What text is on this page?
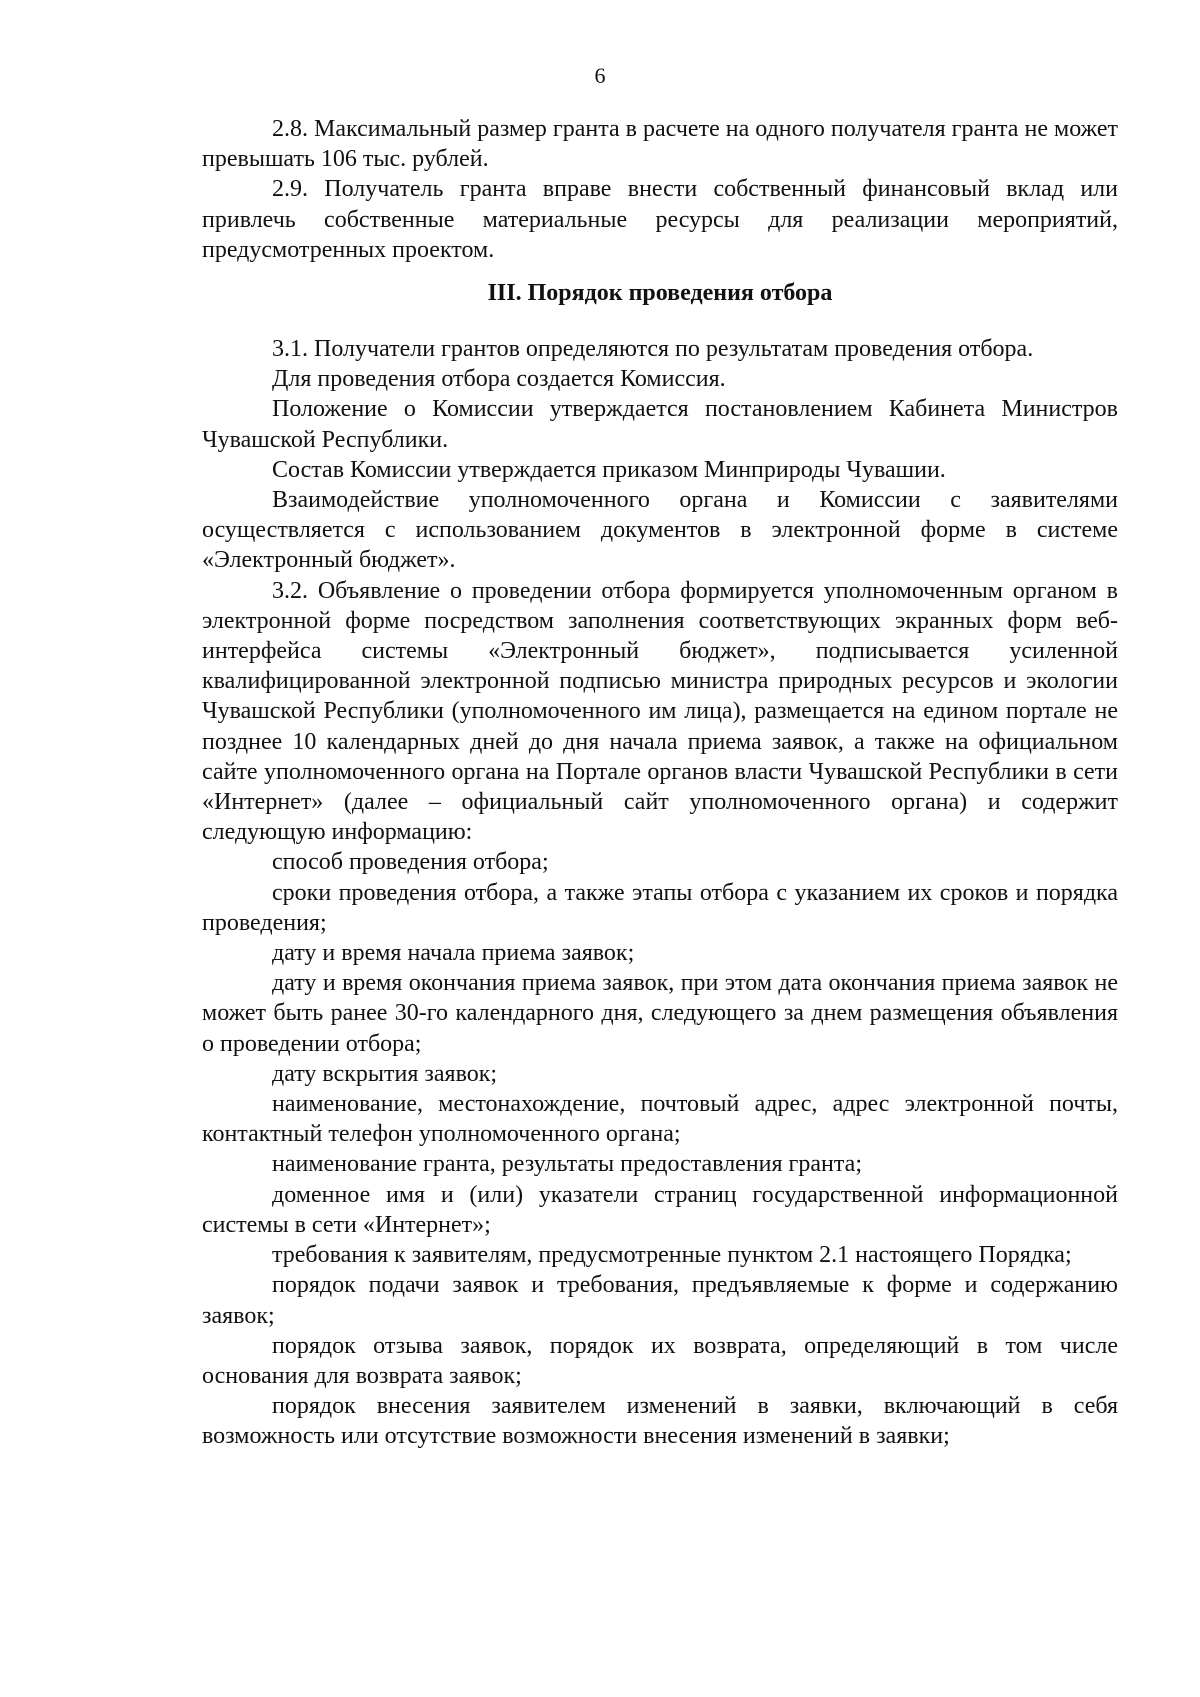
6

2.8. Максимальный размер гранта в расчете на одного получателя гранта не может превышать 106 тыс. рублей.

2.9. Получатель гранта вправе внести собственный финансовый вклад или привлечь собственные материальные ресурсы для реализации мероприятий, предусмотренных проектом.

III. Порядок проведения отбора

3.1. Получатели грантов определяются по результатам проведения отбора.

Для проведения отбора создается Комиссия.

Положение о Комиссии утверждается постановлением Кабинета Министров Чувашской Республики.

Состав Комиссии утверждается приказом Минприроды Чувашии.

Взаимодействие уполномоченного органа и Комиссии с заявителями осуществляется с использованием документов в электронной форме в системе «Электронный бюджет».

3.2. Объявление о проведении отбора формируется уполномоченным органом в электронной форме посредством заполнения соответствующих экранных форм веб-интерфейса системы «Электронный бюджет», подписывается усиленной квалифицированной электронной подписью министра природных ресурсов и экологии Чувашской Республики (уполномоченного им лица), размещается на едином портале не позднее 10 календарных дней до дня начала приема заявок, а также на официальном сайте уполномоченного органа на Портале органов власти Чувашской Республики в сети «Интернет» (далее – официальный сайт уполномоченного органа) и содержит следующую информацию:

способ проведения отбора;

сроки проведения отбора, а также этапы отбора с указанием их сроков и порядка проведения;

дату и время начала приема заявок;

дату и время окончания приема заявок, при этом дата окончания приема заявок не может быть ранее 30-го календарного дня, следующего за днем размещения объявления о проведении отбора;

дату вскрытия заявок;

наименование, местонахождение, почтовый адрес, адрес электронной почты, контактный телефон уполномоченного органа;

наименование гранта, результаты предоставления гранта;

доменное имя и (или) указатели страниц государственной информационной системы в сети «Интернет»;

требования к заявителям, предусмотренные пунктом 2.1 настоящего Порядка;

порядок подачи заявок и требования, предъявляемые к форме и содержанию заявок;

порядок отзыва заявок, порядок их возврата, определяющий в том числе основания для возврата заявок;

порядок внесения заявителем изменений в заявки, включающий в себя возможность или отсутствие возможности внесения изменений в заявки;
